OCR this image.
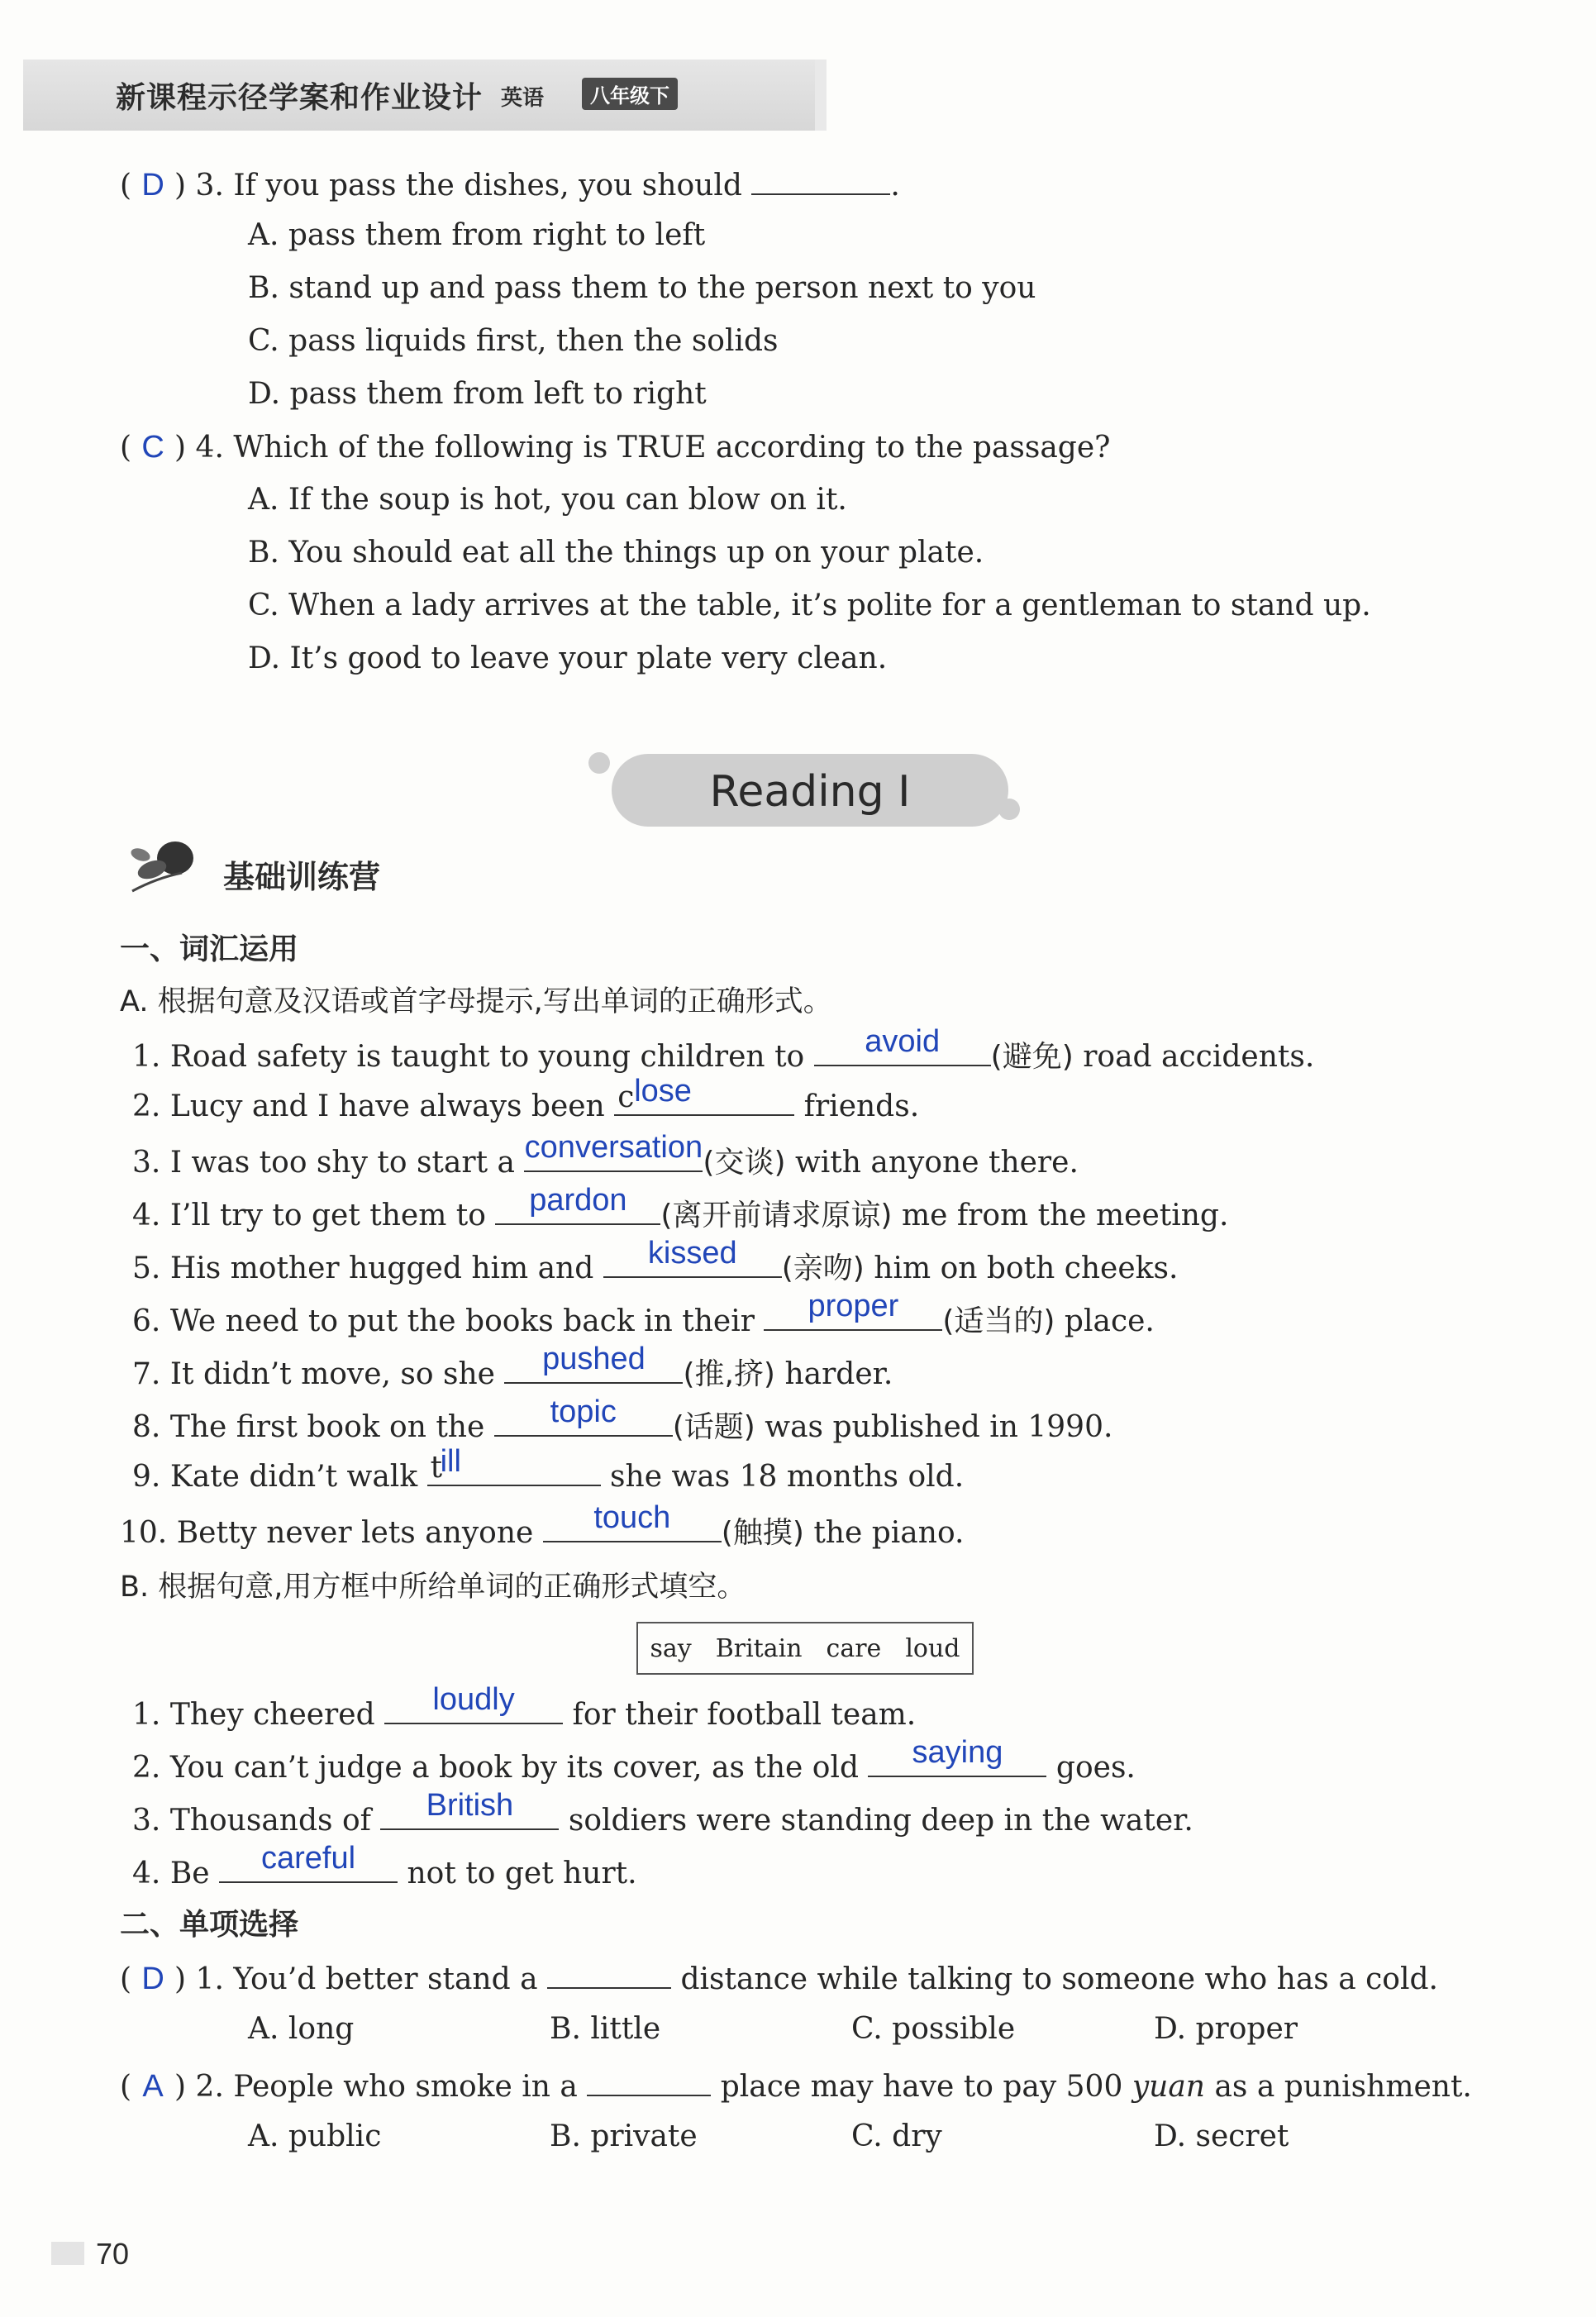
新课程示径学案和作业设计 英语	八年级下
( D ) 3. If you pass the dishes, you should	.
A. pass them from right to left
B. stand up and pass them to the person next to you
C. pass liquids first, then the solids
D. pass them from left to right
( C ) 4. Which of the following is TRUE according to the passage?
A. If the soup is hot, you can blow on it.
B. You should eat all the things up on your plate.
C. When a lady arrives at the table, it’s polite for a gentleman to stand up.
D. It’s good to leave your plate very clean.
Reading Ⅰ
基础训练营
一、词汇运用
A. 根据句意及汉语或首字母提示,写出单词的正确形式。
1. Road safety is taught to young children to	avoid	(避免) road accidents.
2. Lucy and I have always been c lose	friends.
3. I was too shy to start a conversation (交谈) with anyone there.
4. I’ll try to get them to	pardon	(离开前请求原谅) me from the meeting.
5. His mother hugged him and	kissed	(亲吻) him on both cheeks.
6. We need to put the books back in their	proper	(适当的) place.
7. It didn’t move, so she	pushed	(推,挤) harder.
8. The first book on the	topic	(话题) was published in 1990.
9. Kate didn’t walk t
ill	she was 18 months old.
10. Betty never lets anyone	touch	(触摸) the piano.
B. 根据句意,用方框中所给单词的正确形式填空。
say Britain care loud
1. They cheered	loudly	for their football team.
2. You can’t judge a book by its cover, as the old	saying	goes.
3. Thousands of	British	soldiers were standing deep in the water.
4. Be	careful	not to get hurt.
二、单项选择
( D ) 1. You’d better stand a	distance while talking to someone who has a cold.
A. long	B. little	C. possible	D. proper
( A ) 2. People who smoke in a	place may have to pay 500 yuan as a punishment.
A. public	B. private	C. dry	D. secret
70
